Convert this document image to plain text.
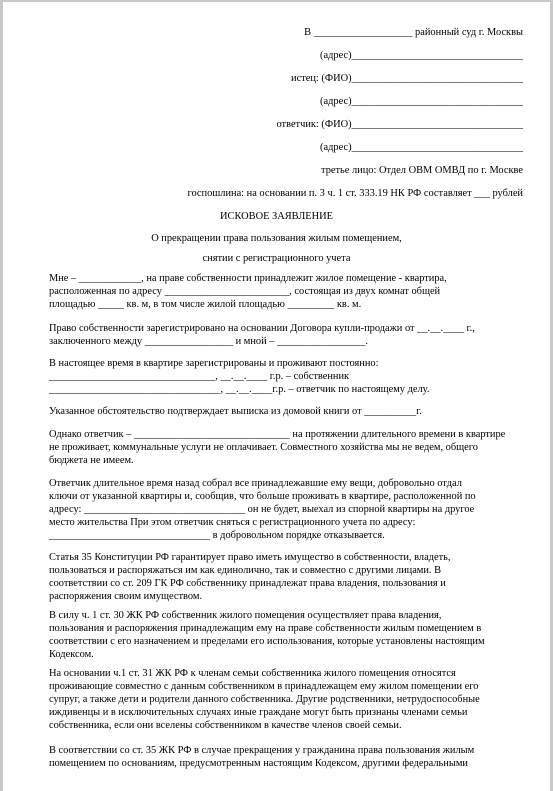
В ___________________ районный суд г. Москвы
(адрес)_________________________________
истец: (ФИО)_________________________________
(адрес)_________________________________
ответчик: (ФИО)_________________________________
(адрес)_________________________________
третье лицо: Отдел ОВМ ОМВД по г. Москве
госпошлина: на основании п. 3 ч. 1 ст. 333.19 НК РФ составляет ___ рублей
ИСКОВОЕ ЗАЯВЛЕНИЕ
О прекращении права пользования жилым помещением,
снятии с регистрационного учета
Мне – ____________, на праве собственности принадлежит жилое помещение - квартира,
расположенная по адресу ________________________, состоящая из двух комнат общей
площадью _____ кв. м, в том числе жилой площадью _________ кв. м.
Право собственности зарегистрировано на основании Договора купли-продажи от __.__.____ г.,
заключенного между _________________ и мной – _________________.
В настоящее время в квартире зарегистрированы и проживают постоянно:
________________________________, __.__.____ г.р. – собственник
_________________________________, __.__.____г.р. – ответчик по настоящему делу.
Указанное обстоятельство подтверждает выписка из домовой книги от __________г.
Однако ответчик – ______________________________ на протяжении длительного времени в квартире
не проживает, коммунальные услуги не оплачивает. Совместного хозяйства мы не ведем, общего
бюджета не имеем.
Ответчик длительное время назад собрал все принадлежавшие ему вещи, добровольно отдал
ключи от указанной квартиры и, сообщив, что больше проживать в квартире, расположенной по
адресу: _______________________________ он не будет, выехал из спорной квартиры на другое
место жительства При этом ответчик сняться с регистрационного учета по адресу:
_______________________________ в добровольном порядке отказывается.
Статья 35 Конституции РФ гарантирует право иметь имущество в собственности, владеть,
пользоваться и распоряжаться им как единолично, так и совместно с другими лицами. В
соответствии со ст. 209 ГК РФ собственнику принадлежат права владения, пользования и
распоряжения своим имуществом.
В силу ч. 1 ст. 30 ЖК РФ собственник жилого помещения осуществляет права владения,
пользования и распоряжения принадлежащим ему на праве собственности жилым помещением в
соответствии с его назначением и пределами его использования, которые установлены настоящим
Кодексом.
На основании ч.1 ст. 31 ЖК РФ к членам семьи собственника жилого помещения относятся
проживающие совместно с данным собственником в принадлежащем ему жилом помещении его
супруг, а также дети и родители данного собственника. Другие родственники, нетрудоспособные
иждивенцы и в исключительных случаях иные граждане могут быть признаны членами семьи
собственника, если они вселены собственником в качестве членов своей семьи.
В соответствии со ст. 35 ЖК РФ в случае прекращения у гражданина права пользования жилым
помещением по основаниям, предусмотренным настоящим Кодексом, другими федеральными
